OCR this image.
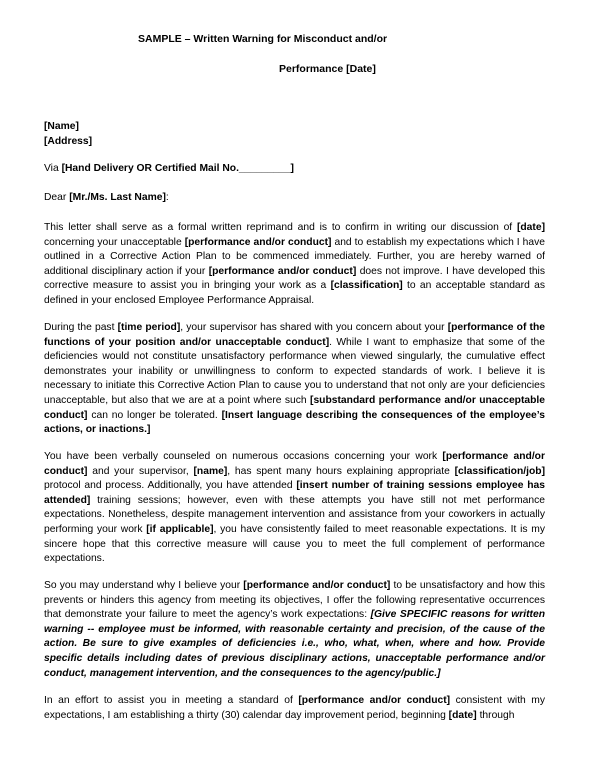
SAMPLE – Written Warning for Misconduct and/or
Performance [Date]
[Name]
[Address]
Via [Hand Delivery OR Certified Mail No._________]
Dear [Mr./Ms. Last Name]:

This letter shall serve as a formal written reprimand and is to confirm in writing our discussion of [date] concerning your unacceptable [performance and/or conduct] and to establish my expectations which I have outlined in a Corrective Action Plan to be commenced immediately. Further, you are hereby warned of additional disciplinary action if your [performance and/or conduct] does not improve. I have developed this corrective measure to assist you in bringing your work as a [classification] to an acceptable standard as defined in your enclosed Employee Performance Appraisal.

During the past [time period], your supervisor has shared with you concern about your [performance of the functions of your position and/or unacceptable conduct]. While I want to emphasize that some of the deficiencies would not constitute unsatisfactory performance when viewed singularly, the cumulative effect demonstrates your inability or unwillingness to conform to expected standards of work. I believe it is necessary to initiate this Corrective Action Plan to cause you to understand that not only are your deficiencies unacceptable, but also that we are at a point where such [substandard performance and/or unacceptable conduct] can no longer be tolerated. [Insert language describing the consequences of the employee’s actions, or inactions.]

You have been verbally counseled on numerous occasions concerning your work [performance and/or conduct] and your supervisor, [name], has spent many hours explaining appropriate [classification/job] protocol and process. Additionally, you have attended [insert number of training sessions employee has attended] training sessions; however, even with these attempts you have still not met performance expectations. Nonetheless, despite management intervention and assistance from your coworkers in actually performing your work [if applicable], you have consistently failed to meet reasonable expectations. It is my sincere hope that this corrective measure will cause you to meet the full complement of performance expectations.

So you may understand why I believe your [performance and/or conduct] to be unsatisfactory and how this prevents or hinders this agency from meeting its objectives, I offer the following representative occurrences that demonstrate your failure to meet the agency’s work expectations: [Give SPECIFIC reasons for written warning -- employee must be informed, with reasonable certainty and precision, of the cause of the action. Be sure to give examples of deficiencies i.e., who, what, when, where and how. Provide specific details including dates of previous disciplinary actions, unacceptable performance and/or conduct, management intervention, and the consequences to the agency/public.]

In an effort to assist you in meeting a standard of [performance and/or conduct] consistent with my expectations, I am establishing a thirty (30) calendar day improvement period, beginning [date] through
